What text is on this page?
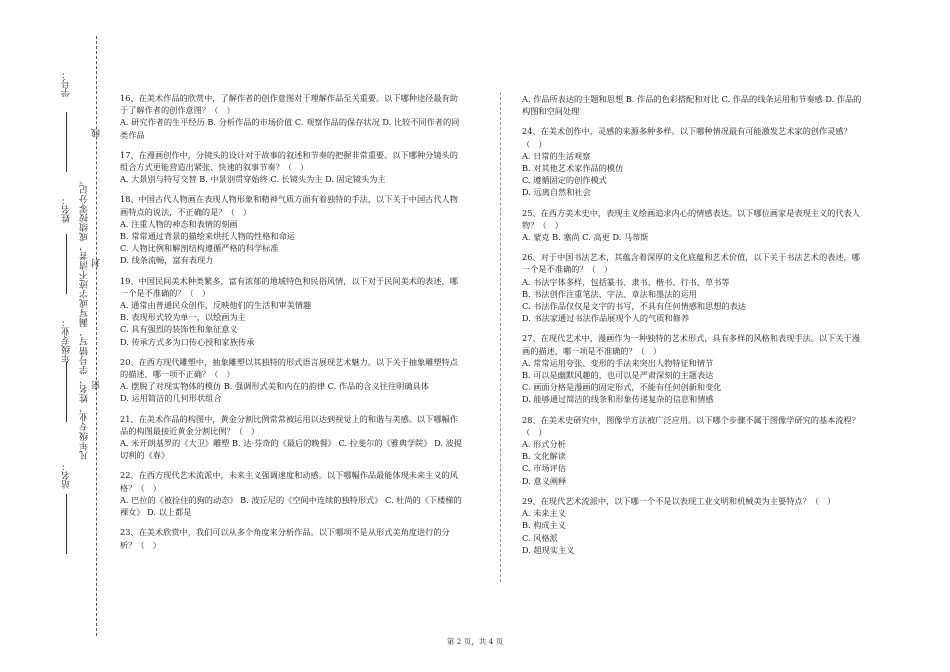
学号：
姓名：
年级专业：
站名：
凡年级专业、姓名、学号错写、漏写或字迹不清者，成绩按零分记。 密
封
线

16、在美术作品的欣赏中，了解作者的创作意图对于理解作品至关重要。以下哪种途径最有助于了解作者的创作意图？（　）

A. 研究作者的生平经历 B. 分析作品的市场价值 C. 观察作品的保存状况 D. 比较不同作者的同类作品

17、在漫画创作中，分镜头的设计对于故事的叙述和节奏的把握非常重要。以下哪种分镜头的组合方式更能营造出紧张、快速的叙事节奏？（　）

A. 大景别与特写交替 B. 中景别贯穿始终 C. 长镜头为主 D. 固定镜头为主

18、中国古代人物画在表现人物形象和精神气质方面有着独特的手法，以下关于中国古代人物画特点的说法，不正确的是？（　）

A. 注重人物的神态和表情的刻画

B. 常常通过背景的描绘来烘托人物的性格和命运

C. 人物比例和解剖结构遵循严格的科学标准

D. 线条流畅，富有表现力

19、中国民间美术种类繁多，富有浓郁的地域特色和民俗风情，以下对于民间美术的表述，哪一个是不准确的？（　）

A. 通常由普通民众创作，反映他们的生活和审美情趣

B. 表现形式较为单一，以绘画为主

C. 具有强烈的装饰性和象征意义

D. 传承方式多为口传心授和家族传承

20、在西方现代雕塑中，抽象雕塑以其独特的形式语言展现艺术魅力。以下关于抽象雕塑特点的描述，哪一项不正确？（　）

A. 摆脱了对现实物体的模仿 B. 强调形式美和内在的韵律 C. 作品的含义往往明确具体

D. 运用简洁的几何形状组合

21、在美术作品的构图中，黄金分割比例常常被运用以达到视觉上的和谐与美感。以下哪幅作品的构图最接近黄金分割比例？（　）

A. 米开朗基罗的《大卫》雕塑 B. 达·芬奇的《最后的晚餐》 C. 拉斐尔的《雅典学院》 D. 波提切利的《春》

22、在西方现代艺术流派中，未来主义强调速度和动感。以下哪幅作品最能体现未来主义的风格？（　）

A. 巴拉的《被拴住的狗的动态》 B. 波丘尼的《空间中连续的独特形式》 C. 杜尚的《下楼梯的裸女》 D. 以上都是

23、在美术欣赏中，我们可以从多个角度来分析作品。以下哪项不是从形式美角度进行的分析？（　）

A. 作品所表达的主题和思想 B. 作品的色彩搭配和对比 C. 作品的线条运用和节奏感 D. 作品的构图和空间处理

24、在美术创作中，灵感的来源多种多样。以下哪种情况最有可能激发艺术家的创作灵感？（　）

A. 日常的生活观察

B. 对其他艺术家作品的模仿

C. 遵循固定的创作模式

D. 远离自然和社会

25、在西方美术史中，表现主义绘画追求内心的情感表达。以下哪位画家是表现主义的代表人物？（　）

A. 蒙克 B. 塞尚 C. 高更 D. 马蒂斯

26、对于中国书法艺术，其蕴含着深厚的文化底蕴和艺术价值，以下关于书法艺术的表述，哪一个是不准确的？（　）

A. 书法字体多样，包括篆书、隶书、楷书、行书、草书等

B. 书法创作注重笔法、字法、章法和墨法的运用

C. 书法作品仅仅是文字的书写，不具有任何情感和思想的表达

D. 书法家通过书法作品展现个人的气质和修养

27、在现代艺术中，漫画作为一种独特的艺术形式，具有多样的风格和表现手法。以下关于漫画的描述，哪一项是不准确的？（　）

A. 常常运用夸张、变形的手法来突出人物特征和情节

B. 可以是幽默风趣的，也可以是严肃深刻的主题表达

C. 画面分格是漫画的固定形式，不能有任何创新和变化

D. 能够通过简洁的线条和形象传递复杂的信息和情感

28、在美术史研究中，图像学方法被广泛应用。以下哪个步骤不属于图像学研究的基本流程？（　）

A. 形式分析

B. 文化解读

C. 市场评估

D. 意义阐释

29、在现代艺术流派中，以下哪一个不是以表现工业文明和机械美为主要特点？（　）

A. 未来主义

B. 构成主义

C. 风格派

D. 超现实主义

第 2 页，共 4 页
